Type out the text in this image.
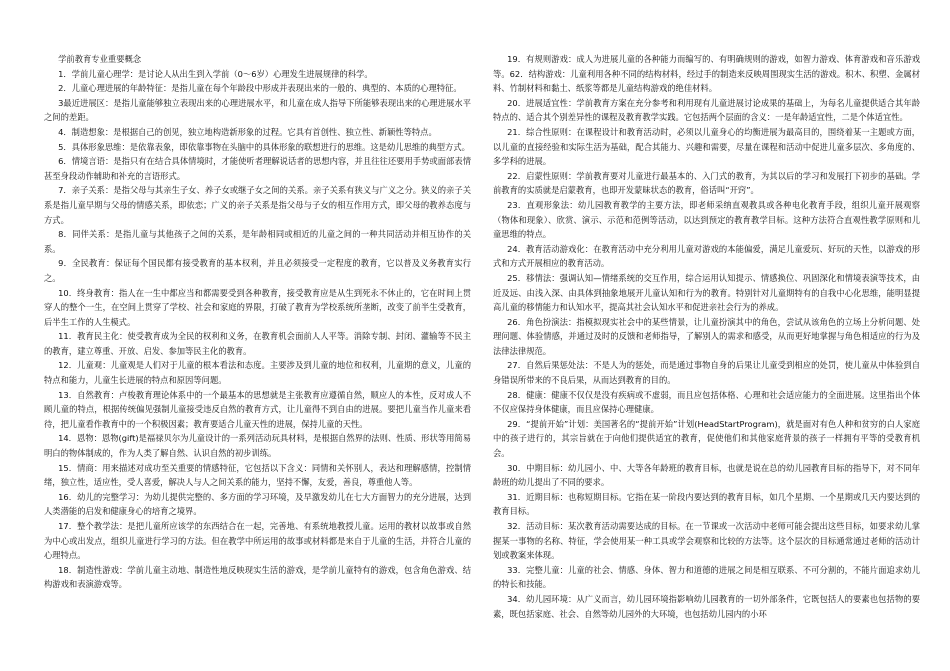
学前教育专业重要概念

1．学前儿童心理学：是讨论人从出生到入学前（0～6岁）心理发生进展规律的科学。

2．儿童心理进展的年龄特征：是指儿童在每个年龄段中形成并表现出来的一般的、典型的、本质的心理特征。

3最近进展区：是指儿童能够独立表现出来的心理进展水平，和儿童在成人指导下所能够表现出来的心理进展水平之间的差距。

4．制造想象：是根据自己的创见，独立地构造新形象的过程。它具有首创性、独立性、新颖性等特点。

5．具体形象思维：是依靠表象，即依靠事物在头脑中的具体形象的联想进行的思维。这是幼儿思维的典型方式。

6．情境言语：是指只有在结合具体情境时，才能使听者理解说话者的思想内容，并且往往还要用手势或面部表情甚至身段动作辅助和补充的言语形式。

7．亲子关系：是指父母与其亲生子女、养子女或继子女之间的关系。亲子关系有狭义与广义之分。狭义的亲子关系是指儿童早期与父母的情感关系，即依恋；广义的亲子关系是指父母与子女的相互作用方式，即父母的教养态度与方式。

8．同伴关系：是指儿童与其他孩子之间的关系，是年龄相同或相近的儿童之间的一种共同活动并相互协作的关系。

9．全民教育：保证每个国民都有接受教育的基本权利，并且必须接受一定程度的教育，它以普及义务教育实行之。

10．终身教育：指人在一生中都应当和都需要受到各种教育，接受教育应是从生到死永不休止的，它在时间上贯穿人的整个一生，在空间上贯穿了学校、社会和家庭的界限，打破了教育为学校系统所垄断，改变了前半生受教育，后半生工作的人生模式。

11．教育民主化：使受教育成为全民的权利和义务，在教育机会面前人人平等。消除专制、封闭、灌输等不民主的教育，建立尊重、开放、启发、参加等民主化的教育。

12．儿童观：儿童观是人们对于儿童的根本看法和态度。主要涉及到儿童的地位和权利，儿童期的意义，儿童的特点和能力，儿童生长进展的特点和原因等问题。

13．自然教育：卢梭教育理论体系中的一个最基本的思想就是主张教育应遵循自然，顺应人的本性，反对成人不顾儿童的特点，根据传统偏见强制儿童接受违反自然的教育方式，让儿童得不到自由的进展。要把儿童当作儿童来看待，把儿童看作教育中的一个积极因素；教育要适合儿童天性的进展，保持儿童的天性。

14．恩物：恩物(gift)是福禄贝尔为儿童设计的一系列活动玩具材料，是根据自然界的法则、性质、形状等用简易明白的物体制成的，作为人类了解自然、认识自然的初步训练。

15．情商：用来描述对成功至关重要的情感特征，它包括以下含义：同情和关怀别人，表达和理解感情，控制情绪，独立性，适应性，受人喜爱，解决人与人之间关系的能力，坚持不懈，友爱，善良，尊重他人等。

16．幼儿的完整学习：为幼儿提供完整的、多方面的学习环境，及早激发幼儿在七大方面智力的充分进展，达到人类潜能的启发和健康身心的培育之境界。

17．整个教学法：是把儿童所应该学的东西结合在一起，完善地、有系统地教授儿童。运用的教材以故事或自然为中心或出发点，组织儿童进行学习的方法。但在教学中所运用的故事或材料都是来自于儿童的生活，并符合儿童的心理特点。

18．制造性游戏：学前儿童主动地、制造性地反映现实生活的游戏，是学前儿童特有的游戏，包含角色游戏、结构游戏和表演游戏等。

19．有规则游戏：成人为进展儿童的各种能力而编写的、有明确规则的游戏，如智力游戏、体育游戏和音乐游戏等。62．结构游戏：儿童利用各种不同的结构材料，经过手的制造来反映周围现实生活的游戏。积木、积塑、金属材料、竹制材料和黏土、纸浆等都是儿童结构游戏的绝佳材料。

20．进展适宜性：学前教育方案在充分参考和利用现有儿童进展讨论成果的基础上，为每名儿童提供适合其年龄特点的、适合其个别差异性的课程及教育教学实践。它包括两个层面的含义：一是年龄适宜性，二是个体适宜性。

21．综合性原则：在课程设计和教育活动时，必须以儿童身心的均衡进展为最高目的，围绕着某一主题或方面，以儿童的直接经验和实际生活为基础，配合其能力、兴趣和需要，尽量在课程和活动中促进儿童多层次、多角度的、多学科的进展。

22．启蒙性原则：学前教育要对儿童进行最基本的、入门式的教育，为其以后的学习和发展打下初步的基础。学前教育的实质就是启蒙教育，也即开发蒙昧状态的教育，俗话叫“开窍”。

23．直观形象法：幼儿园教育教学的主要方法，即老师采纳直观教具或各种电化教育手段，组织儿童开展观察（物体和现象）、欣赏、演示、示范和范例等活动，以达到预定的教育教学目标。这种方法符合直观性教学原则和儿童思维的特点。

24．教育活动游戏化：在教育活动中充分利用儿童对游戏的本能偏爱，满足儿童爱玩、好玩的天性，以游戏的形式和方式开展相应的教育活动。

25．移情法：强调认知—情绪系统的交互作用，综合运用认知提示、情感换位、巩固深化和情境表演等技术，由近及远、由浅入深、由具体到抽象地展开儿童认知和行为的教育。特别针对儿童期特有的自我中心化思维，能明显提高儿童的移情能力和认知水平，提高其社会认知水平和促进亲社会行为的养成。

26．角色扮演法：指模拟现实社会中的某些情景，让儿童扮演其中的角色，尝试从该角色的立场上分析问题、处理问题、体验情感，并通过及时的反馈和老师指导，了解别人的需求和感受，从而更好地掌握与角色相适应的行为及法律法律规范。

27．自然后果惩处法：不是人为的惩处，而是通过事物自身的后果让儿童受到相应的处罚，使儿童从中体验到自身错误所带来的不良后果，从而达到教育的目的。

28．健康：健康不仅仅是没有疾病或不虚弱，而且应包括体格、心理和社会适应能力的全面进展。这里指出个体不仅应保持身体健康，而且应保持心理健康。

29．“提前开始”计划：美国著名的“提前开始”计划(HeadStartProgram)，就是面对有色人种和贫穷的白人家庭中的孩子进行的，其宗旨就在于向他们提供适宜的教育，促使他们和其他家庭背景的孩子一样拥有平等的受教育机会。

30．中期目标：幼儿园小、中、大等各年龄班的教育目标，也就是说在总的幼儿园教育目标的指导下，对不同年龄班的幼儿提出了不同的要求。

31．近期目标：也称短期目标。它指在某一阶段内要达到的教育目标，如几个星期、一个星期或几天内要达到的教育目标。

32．活动目标：某次教育活动需要达成的目标。在一节课或一次活动中老师可能会提出这些目标，如要求幼儿掌握某一事物的名称、特征，学会使用某一种工具或学会观察和比较的方法等。这个层次的目标通常通过老师的活动计划或教案来体现。

33．完整儿童：儿童的社会、情感、身体、智力和道德的进展之间是相互联系、不可分割的，不能片面追求幼儿的特长和技能。

34．幼儿园环境：从广义而言，幼儿园环境指影响幼儿园教育的一切外部条件，它既包括人的要素也包括物的要素，既包括家庭、社会、自然等幼儿园外的大环境，也包括幼儿园内的小环
